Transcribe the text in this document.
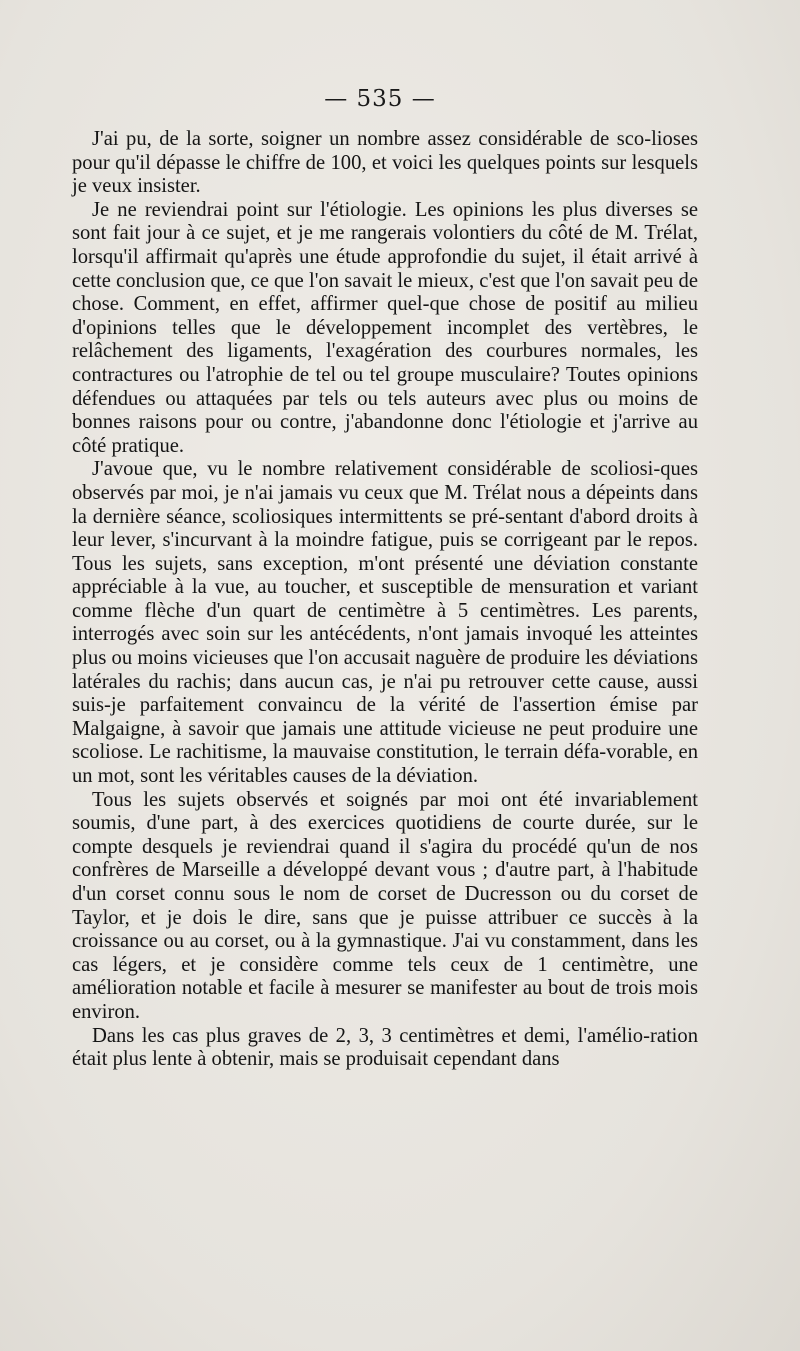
— 535 —

J'ai pu, de la sorte, soigner un nombre assez considérable de sco-lioses pour qu'il dépasse le chiffre de 100, et voici les quelques points sur lesquels je veux insister.

Je ne reviendrai point sur l'étiologie. Les opinions les plus diverses se sont fait jour à ce sujet, et je me rangerais volontiers du côté de M. Trélat, lorsqu'il affirmait qu'après une étude approfondie du sujet, il était arrivé à cette conclusion que, ce que l'on savait le mieux, c'est que l'on savait peu de chose. Comment, en effet, affirmer quel-que chose de positif au milieu d'opinions telles que le développement incomplet des vertèbres, le relâchement des ligaments, l'exagération des courbures normales, les contractures ou l'atrophie de tel ou tel groupe musculaire? Toutes opinions défendues ou attaquées par tels ou tels auteurs avec plus ou moins de bonnes raisons pour ou contre, j'abandonne donc l'étiologie et j'arrive au côté pratique.

J'avoue que, vu le nombre relativement considérable de scoliosi-ques observés par moi, je n'ai jamais vu ceux que M. Trélat nous a dépeints dans la dernière séance, scoliosiques intermittents se pré-sentant d'abord droits à leur lever, s'incurvant à la moindre fatigue, puis se corrigeant par le repos. Tous les sujets, sans exception, m'ont présenté une déviation constante appréciable à la vue, au toucher, et susceptible de mensuration et variant comme flèche d'un quart de centimètre à 5 centimètres. Les parents, interrogés avec soin sur les antécédents, n'ont jamais invoqué les atteintes plus ou moins vicieuses que l'on accusait naguère de produire les déviations latérales du rachis; dans aucun cas, je n'ai pu retrouver cette cause, aussi suis-je parfaitement convaincu de la vérité de l'assertion émise par Malgaigne, à savoir que jamais une attitude vicieuse ne peut produire une scoliose. Le rachitisme, la mauvaise constitution, le terrain défa-vorable, en un mot, sont les véritables causes de la déviation.

Tous les sujets observés et soignés par moi ont été invariablement soumis, d'une part, à des exercices quotidiens de courte durée, sur le compte desquels je reviendrai quand il s'agira du procédé qu'un de nos confrères de Marseille a développé devant vous ; d'autre part, à l'habitude d'un corset connu sous le nom de corset de Ducresson ou du corset de Taylor, et je dois le dire, sans que je puisse attribuer ce succès à la croissance ou au corset, ou à la gymnastique. J'ai vu constamment, dans les cas légers, et je considère comme tels ceux de 1 centimètre, une amélioration notable et facile à mesurer se manifester au bout de trois mois environ.

Dans les cas plus graves de 2, 3, 3 centimètres et demi, l'amélio-ration était plus lente à obtenir, mais se produisait cependant dans
